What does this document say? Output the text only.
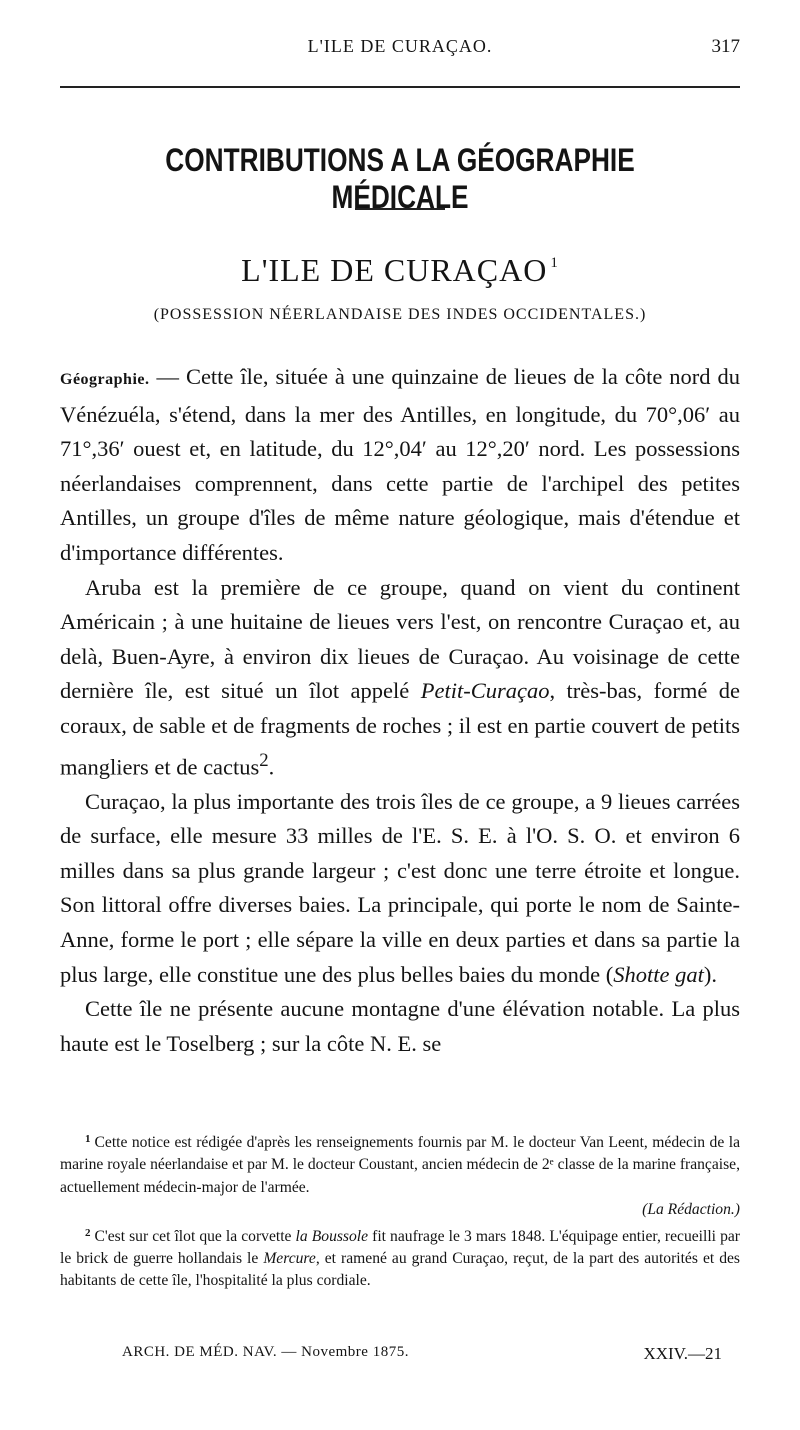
L'ILE DE CURAÇAO.	317
CONTRIBUTIONS A LA GÉOGRAPHIE MÉDICALE
L'ILE DE CURAÇAO $^1$
(POSSESSION NÉERLANDAISE DES INDES OCCIDENTALES.)

Géographie. — Cette île, située à une quinzaine de lieues de la côte nord du Vénézuéla, s'étend, dans la mer des Antilles, en longitude, du 70°,06′ au 71°,36′ ouest et, en latitude, du 12°,04′ au 12°,20′ nord. Les possessions néerlandaises comprennent, dans cette partie de l'archipel des petites Antilles, un groupe d'îles de même nature géologique, mais d'étendue et d'importance différentes.

Aruba est la première de ce groupe, quand on vient du continent Américain ; à une huitaine de lieues vers l'est, on rencontre Curaçao et, au delà, Buen-Ayre, à environ dix lieues de Curaçao. Au voisinage de cette dernière île, est situé un îlot appelé Petit-Curaçao, très-bas, formé de coraux, de sable et de fragments de roches ; il est en partie couvert de petits mangliers et de cactus$^2$.

Curaçao, la plus importante des trois îles de ce groupe, a 9 lieues carrées de surface, elle mesure 33 milles de l'E. S. E. à l'O. S. O. et environ 6 milles dans sa plus grande largeur ; c'est donc une terre étroite et longue. Son littoral offre diverses baies. La principale, qui porte le nom de Sainte-Anne, forme le port ; elle sépare la ville en deux parties et dans sa partie la plus large, elle constitue une des plus belles baies du monde (Shotte gat).

Cette île ne présente aucune montagne d'une élévation notable. La plus haute est le Toselberg ; sur la côte N. E. se

$^1$ Cette notice est rédigée d'après les renseignements fournis par M. le docteur Van Leent, médecin de la marine royale néerlandaise et par M. le docteur Coustant, ancien médecin de 2ᵉ classe de la marine française, actuellement médecin-major de l'armée.
(La Rédaction.)

$^2$ C'est sur cet îlot que la corvette la Boussole fit naufrage le 3 mars 1848. L'équipage entier, recueilli par le brick de guerre hollandais le Mercure, et ramené au grand Curaçao, reçut, de la part des autorités et des habitants de cette île, l'hospitalité la plus cordiale.

ARCH. DE MÉD. NAV. — Novembre 1875.	XXIV.—21
